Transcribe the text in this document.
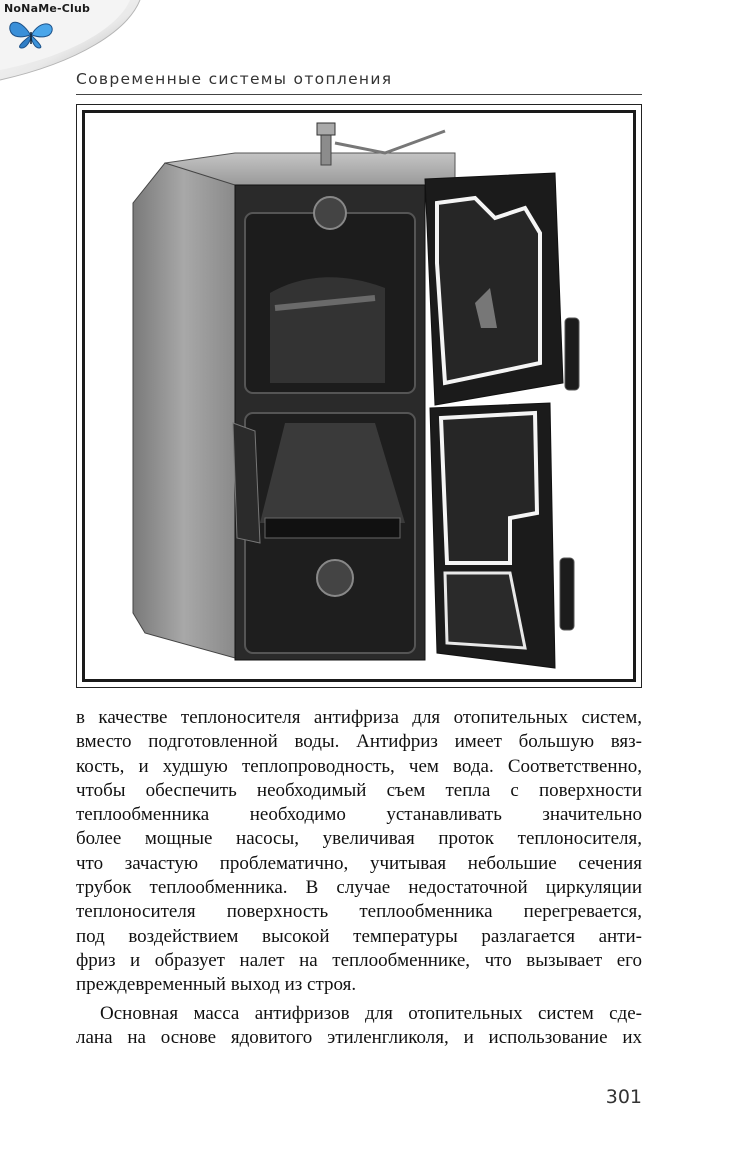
NoNaMe-Club
Современные системы отопления

в качестве теплоносителя антифриза для отопительных систем,
вместо подготовленной воды. Антифриз имеет большую вяз-
кость, и худшую теплопроводность, чем вода. Соответственно,
чтобы обеспечить необходимый съем тепла с поверхности
теплообменника необходимо устанавливать значительно
более мощные насосы, увеличивая проток теплоносителя,
что зачастую проблематично, учитывая небольшие сечения
трубок теплообменника. В случае недостаточной циркуляции
теплоносителя поверхность теплообменника перегревается,
под воздействием высокой температуры разлагается анти-
фриз и образует налет на теплообменнике, что вызывает его
преждевременный выход из строя.

Основная масса антифризов для отопительных систем сде-
лана на основе ядовитого этиленгликоля, и использование их

301
